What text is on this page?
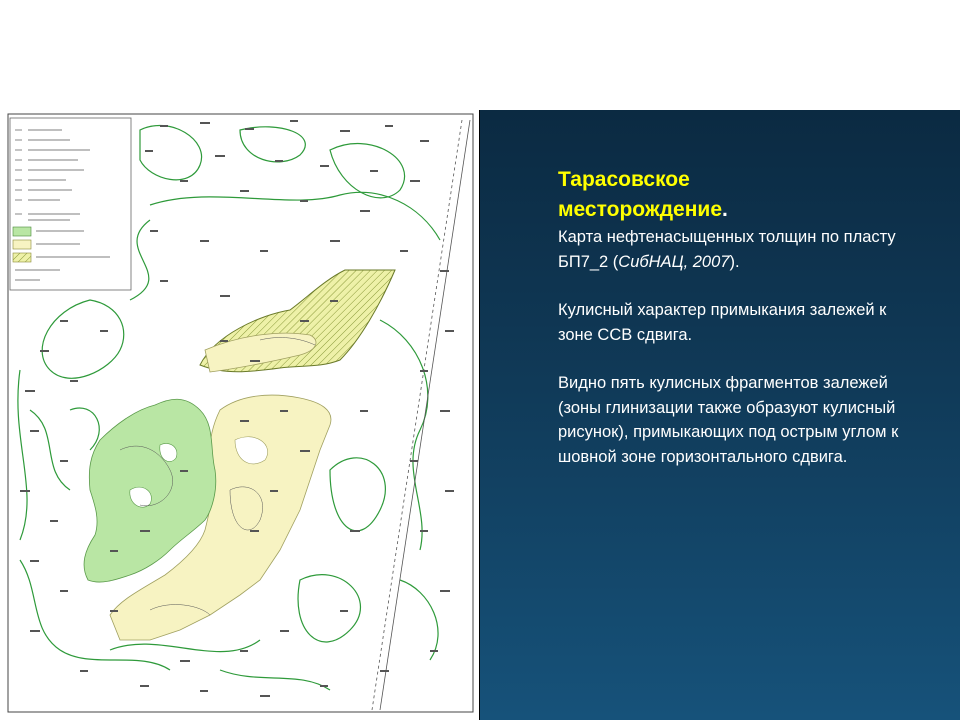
Тарасовское
месторождение.

Карта нефтенасыщенных толщин по пласту БП7_2 (СибНАЦ, 2007).

Кулисный характер примыкания залежей к зоне ССВ сдвига.

Видно пять кулисных фрагментов залежей (зоны глинизации также образуют кулисный рисунок), примыкающих под острым углом к шовной зоне горизонтального сдвига.
